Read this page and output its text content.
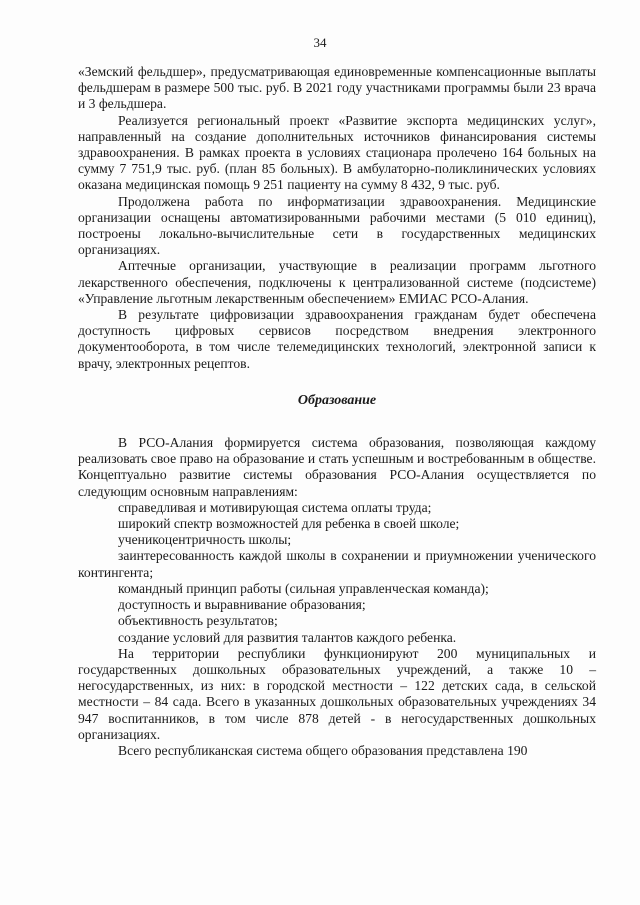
34

«Земский фельдшер», предусматривающая единовременные компенсационные выплаты фельдшерам в размере 500 тыс. руб. В 2021 году участниками программы были 23 врача и 3 фельдшера.

Реализуется региональный проект «Развитие экспорта медицинских услуг», направленный на создание дополнительных источников финансирования системы здравоохранения. В рамках проекта в условиях стационара пролечено 164 больных на сумму 7 751,9 тыс. руб. (план 85 больных). В амбулаторно-поликлинических условиях оказана медицинская помощь 9 251 пациенту на сумму 8 432, 9 тыс. руб.

Продолжена работа по информатизации здравоохранения. Медицинские организации оснащены автоматизированными рабочими местами (5 010 единиц), построены локально-вычислительные сети в государственных медицинских организациях.

Аптечные организации, участвующие в реализации программ льготного лекарственного обеспечения, подключены к централизованной системе (подсистеме) «Управление льготным лекарственным обеспечением» ЕМИАС РСО-Алания.

В результате цифровизации здравоохранения гражданам будет обеспечена доступность цифровых сервисов посредством внедрения электронного документооборота, в том числе телемедицинских технологий, электронной записи к врачу, электронных рецептов.

Образование

В РСО-Алания формируется система образования, позволяющая каждому реализовать свое право на образование и стать успешным и востребованным в обществе. Концептуально развитие системы образования РСО-Алания осуществляется по следующим основным направлениям:

справедливая и мотивирующая система оплаты труда;

широкий спектр возможностей для ребенка в своей школе;

ученикоцентричность школы;

заинтересованность каждой школы в сохранении и приумножении ученического контингента;

командный принцип работы (сильная управленческая команда);

доступность и выравнивание образования;

объективность результатов;

создание условий для развития талантов каждого ребенка.

На территории республики функционируют 200 муниципальных и государственных дошкольных образовательных учреждений, а также 10 – негосударственных, из них: в городской местности – 122 детских сада, в сельской местности – 84 сада. Всего в указанных дошкольных образовательных учреждениях 34 947 воспитанников, в том числе 878 детей - в негосударственных дошкольных организациях.

Всего республиканская система общего образования представлена 190
